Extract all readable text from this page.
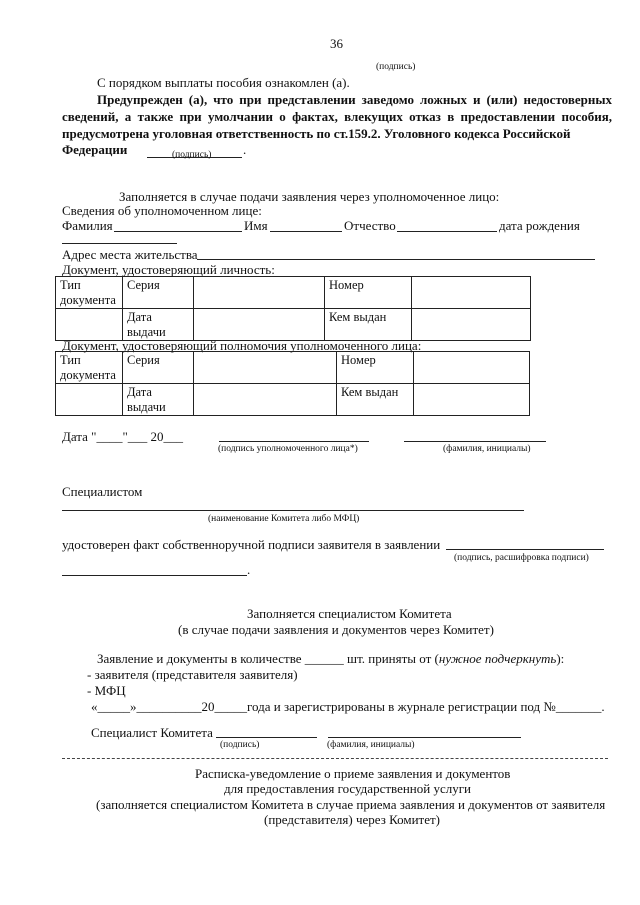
36
(подпись)
С порядком выплаты пособия ознакомлен (а).
Предупрежден (а), что при представлении заведомо ложных и (или) недостоверных сведений, а также при умолчании о фактах, влекущих отказ в предоставлении пособия, предусмотрена уголовная ответственность по ст.159.2. Уголовного кодекса Российской
Федерации	.
(подпись)
Заполняется в случае подачи заявления через уполномоченное лицо:
Сведения об уполномоченном лице:
Фамилия	Имя	Отчество	дата рождения
Адрес места жительства
Документ, удостоверяющий личность:
Тип документа	Серия		Номер	
	Дата выдачи		Кем выдан	
Документ, удостоверяющий полномочия уполномоченного лица:
Тип документа	Серия		Номер	
	Дата выдачи		Кем выдан	
Дата "____"___ 20___
(подпись уполномоченного лица*)	(фамилия, инициалы)
Специалистом
(наименование Комитета либо МФЦ)
удостоверен факт собственноручной подписи заявителя в заявлении
(подпись, расшифровка подписи)
.
Заполняется специалистом Комитета
(в случае подачи заявления и документов через Комитет)
Заявление и документы в количестве ______ шт. приняты от (нужное подчеркнуть):
- заявителя (представителя заявителя)
- МФЦ
«_____»__________20_____года и зарегистрированы в журнале регистрации под №_______.
Специалист Комитета
(подпись)	(фамилия, инициалы)
Расписка-уведомление о приеме заявления и документов
для предоставления государственной услуги
(заполняется специалистом Комитета в случае приема заявления и документов от заявителя
(представителя) через Комитет)
